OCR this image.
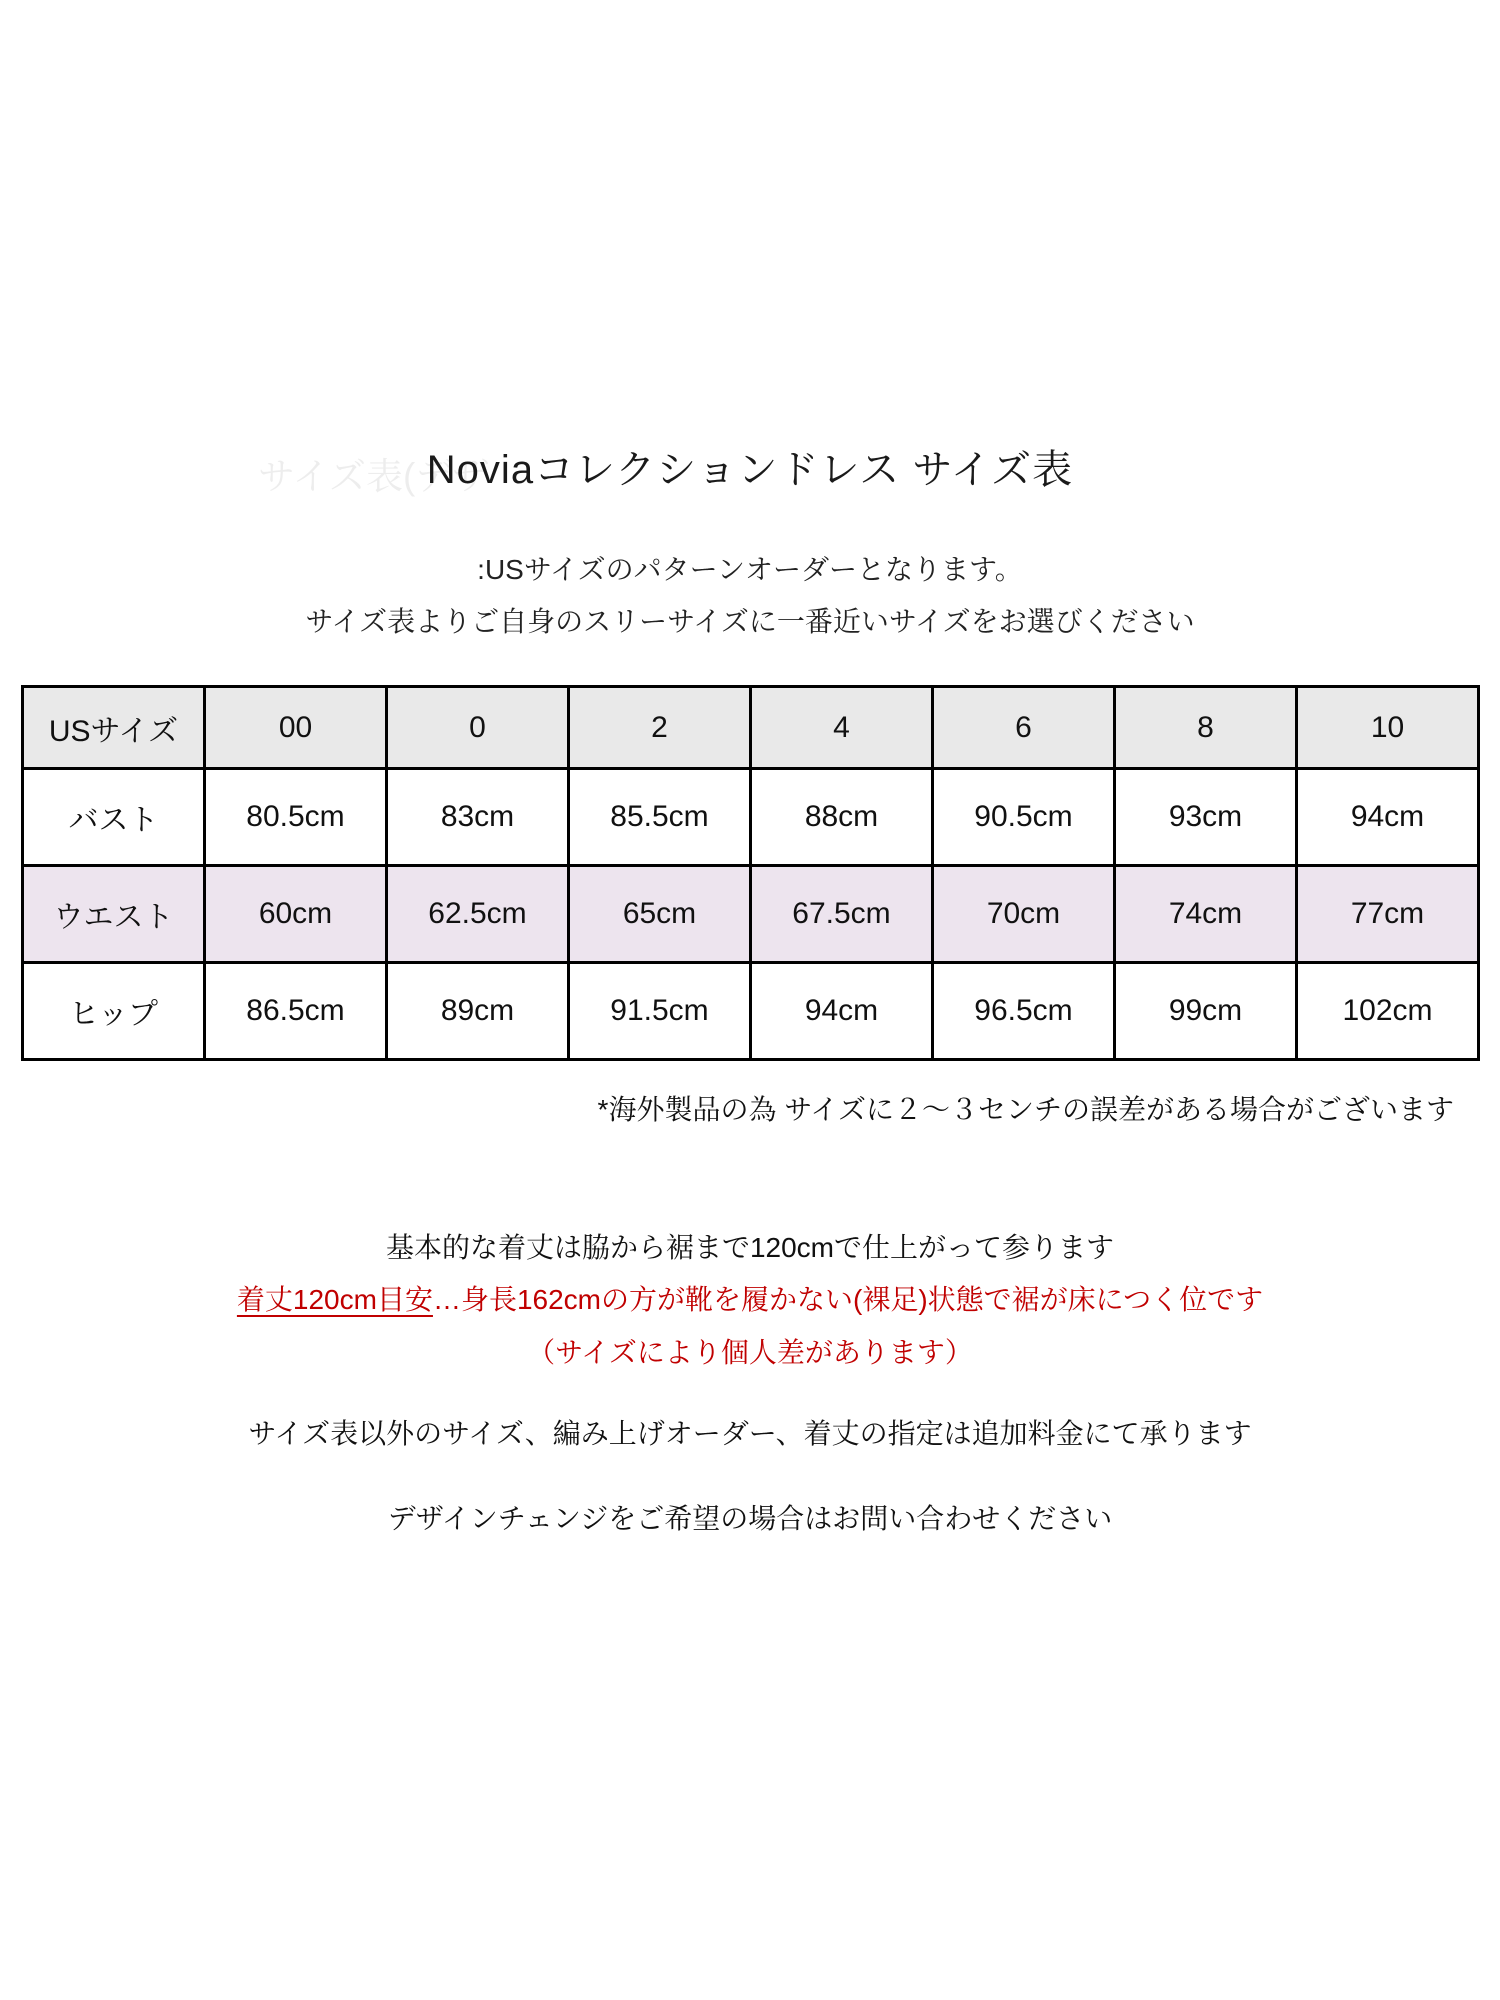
サイズ表(デザ
Noviaコレクションドレス サイズ表

:USサイズのパターンオーダーとなります。

サイズ表よりご自身のスリーサイズに一番近いサイズをお選びください

USサイズ	00	0	2	4	6	8	10
バスト	80.5cm	83cm	85.5cm	88cm	90.5cm	93cm	94cm
ウエスト	60cm	62.5cm	65cm	67.5cm	70cm	74cm	77cm
ヒップ	86.5cm	89cm	91.5cm	94cm	96.5cm	99cm	102cm

*海外製品の為 サイズに２～３センチの誤差がある場合がございます

基本的な着丈は脇から裾まで120cmで仕上がって参ります

着丈120cm目安…身長162cmの方が靴を履かない(裸足)状態で裾が床につく位です

（サイズにより個人差があります）

サイズ表以外のサイズ、編み上げオーダー、着丈の指定は追加料金にて承ります

デザインチェンジをご希望の場合はお問い合わせください
